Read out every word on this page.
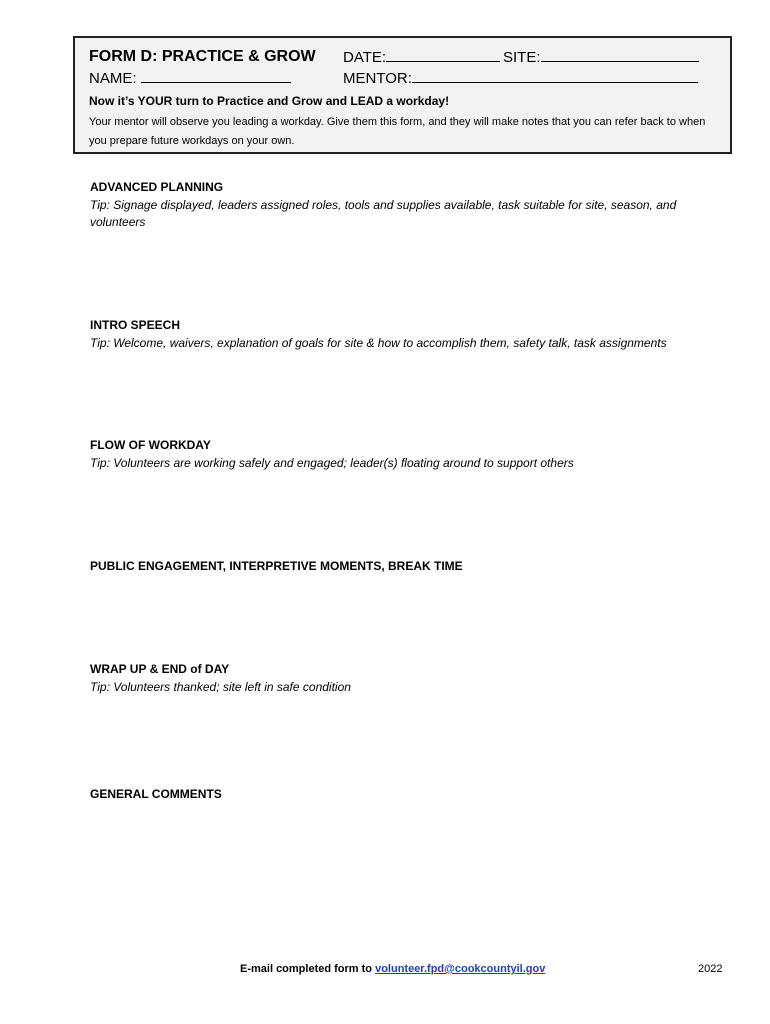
FORM D: PRACTICE & GROW DATE:	SITE:
NAME:	MENTOR:
Now it’s YOUR turn to Practice and Grow and LEAD a workday!
Your mentor will observe you leading a workday. Give them this form, and they will make notes that you can refer back to when you prepare future workdays on your own.
ADVANCED PLANNING
Tip: Signage displayed, leaders assigned roles, tools and supplies available, task suitable for site, season, and volunteers
INTRO SPEECH
Tip: Welcome, waivers, explanation of goals for site & how to accomplish them, safety talk, task assignments
FLOW OF WORKDAY
Tip: Volunteers are working safely and engaged; leader(s) floating around to support others
PUBLIC ENGAGEMENT, INTERPRETIVE MOMENTS, BREAK TIME
WRAP UP & END of DAY
Tip: Volunteers thanked; site left in safe condition
GENERAL COMMENTS
E-mail completed form to volunteer.fpd@cookcountyil.gov	2022
